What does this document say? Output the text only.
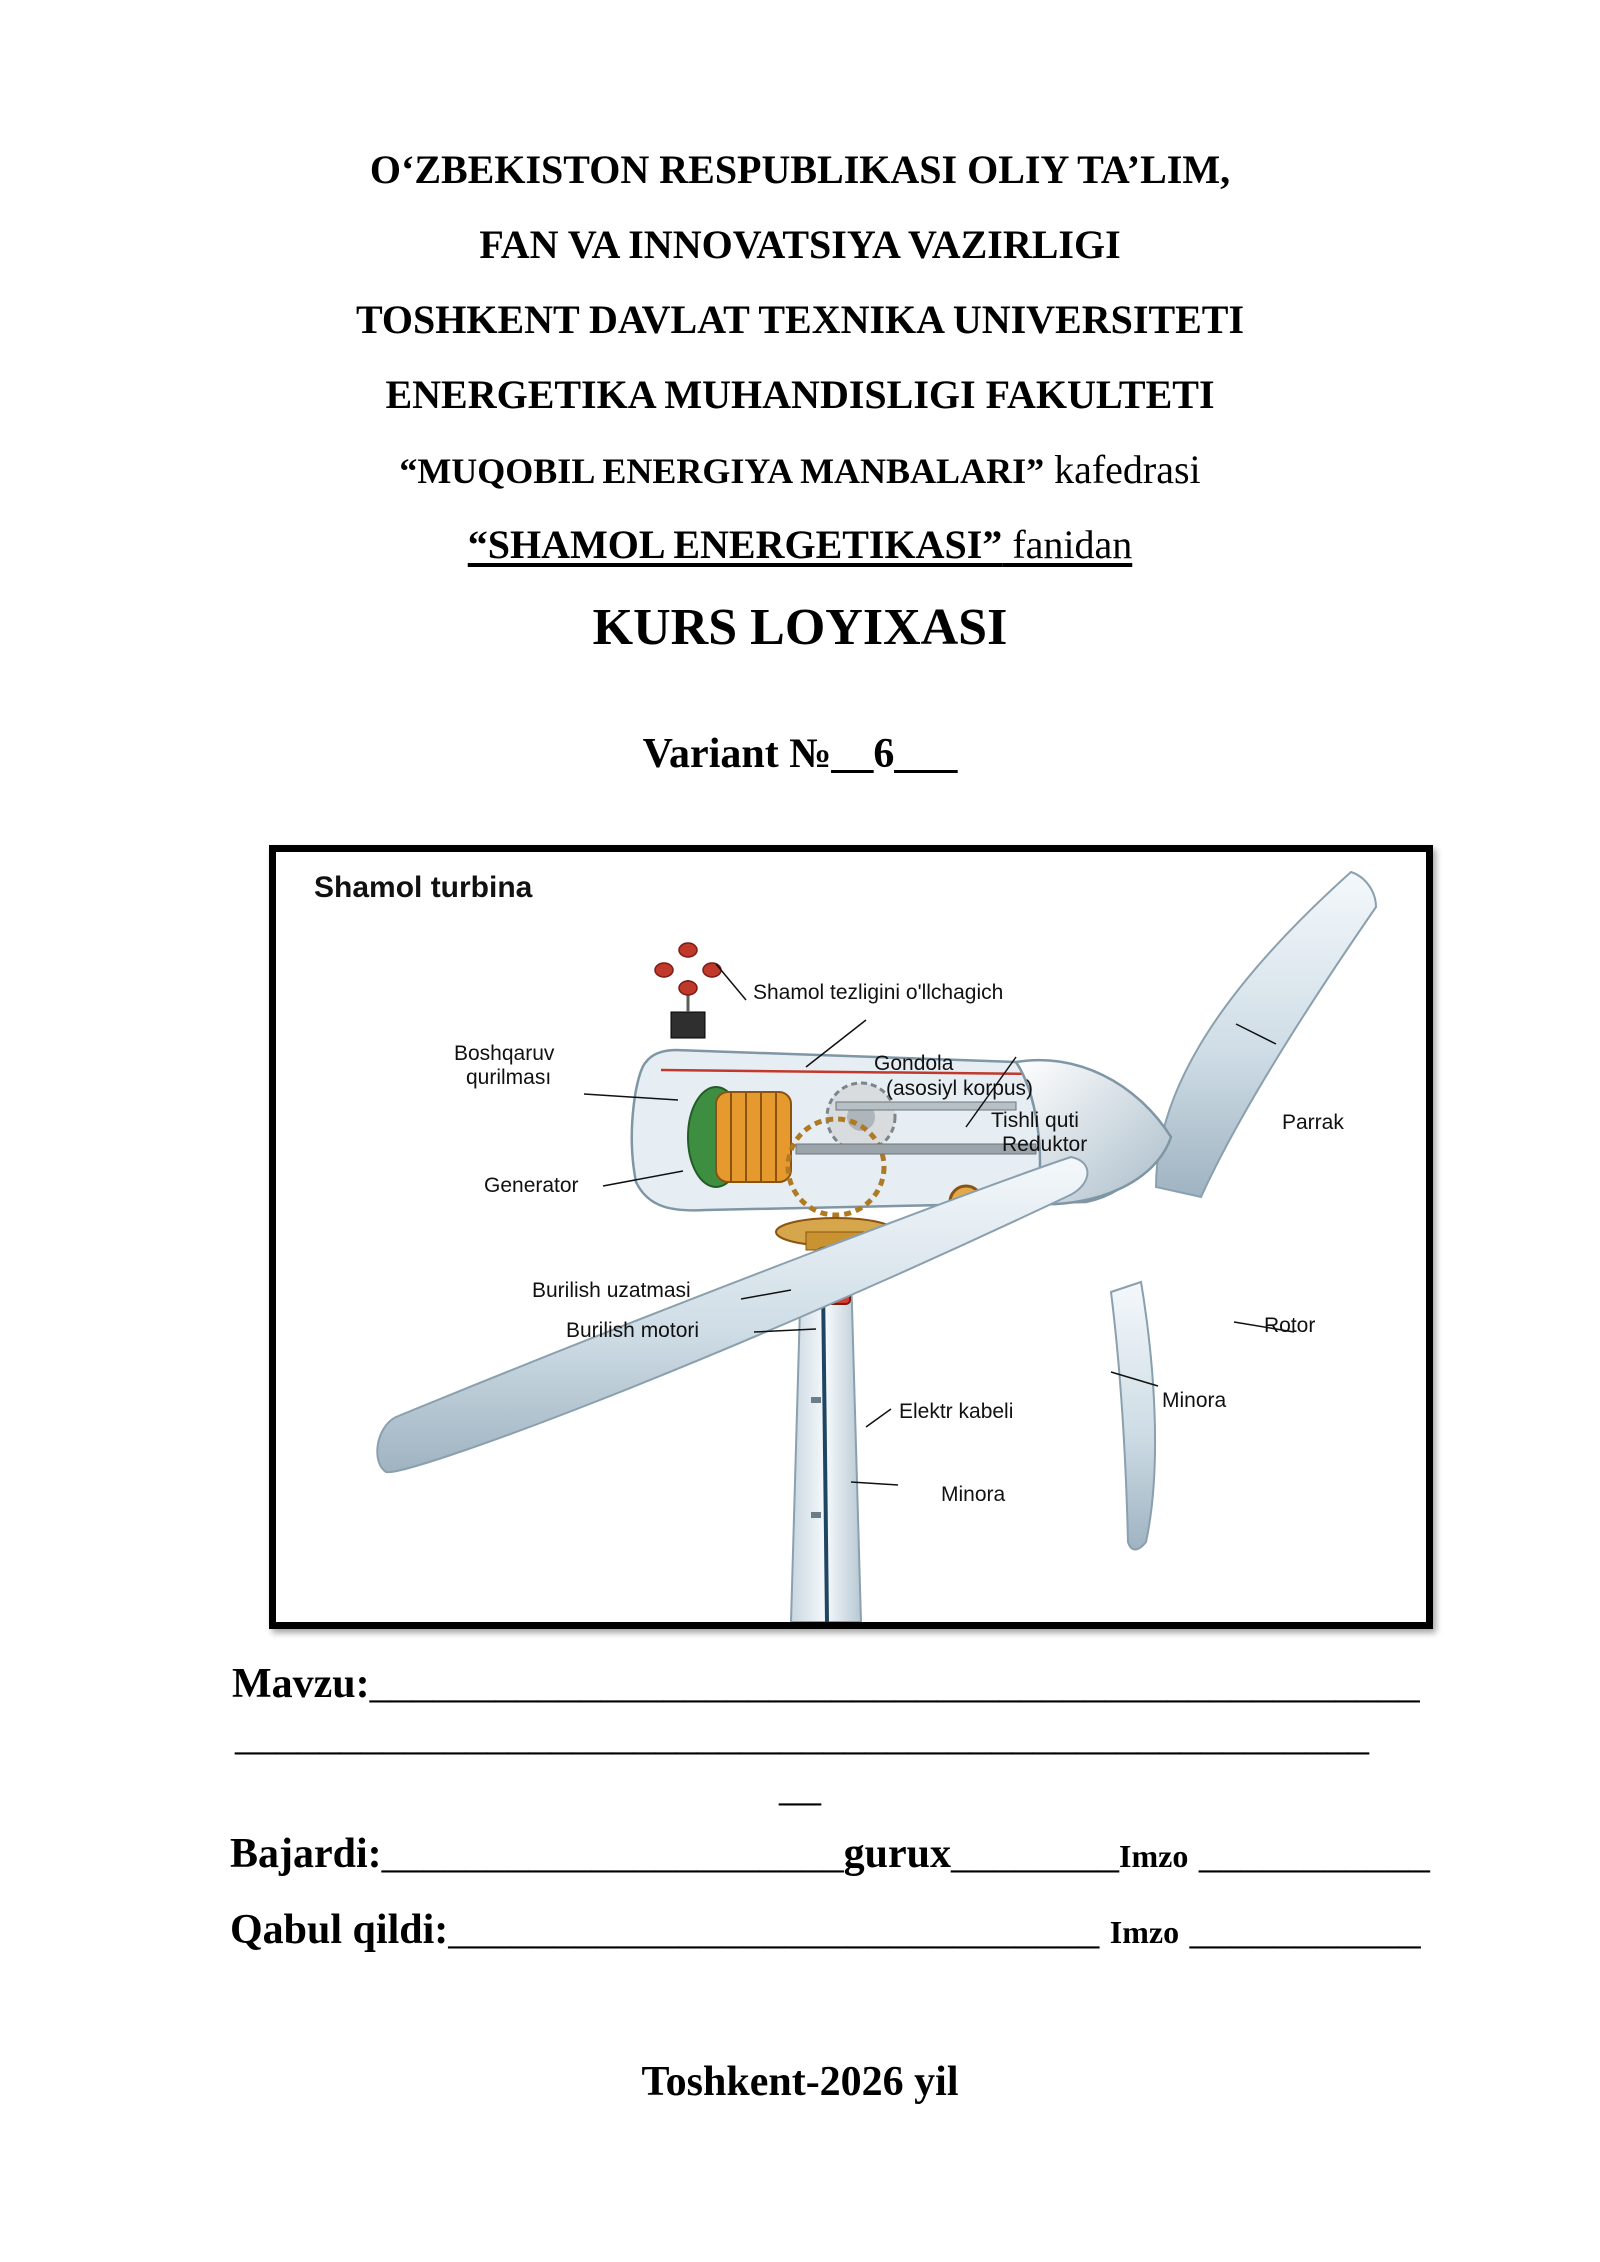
O‘ZBEKISTON RESPUBLIKASI OLIY TA’LIM,
FAN VA INNOVATSIYA VAZIRLIGI
TOSHKENT DAVLAT TEXNIKA UNIVERSITETI
ENERGETIKA MUHANDISLIGI FAKULTETI
“MUQOBIL ENERGIYA MANBALARI” kafedrasi
“SHAMOL ENERGETIKASI” fanidan
KURS LOYIXASI
Variant №__6___
Shamol turbina
Shamol tezligini o'llchagich
Boshqaruv
qurilması
Gondola
(asosiyl korpus)
Tishli quti
Reduktor
Generator
Parrak
Burilish uzatmasi
Burilish motori	Rotor
Minora
Elektr kabeli
Minora
Mavzu:__________________________________________________
______________________________________________________
__
Bajardi:______________________gurux________Imzo ___________
Qabul qildi:_______________________________ Imzo ___________
Toshkent-2026 yil
